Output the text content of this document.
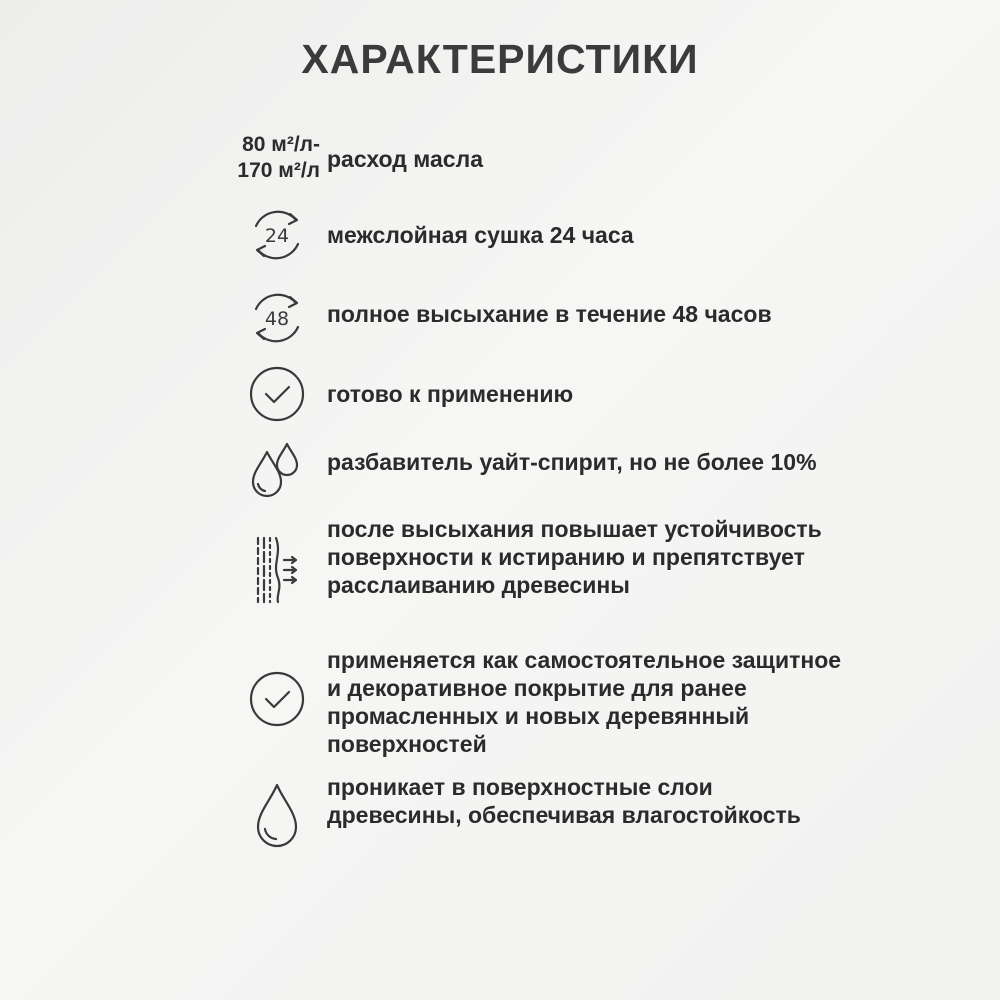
ХАРАКТЕРИСТИКИ
80 м²/л-
170 м²/л расход масла
24 межслойная сушка 24 часа
48 полное высыхание в течение 48 часов
готово к применению
разбавитель уайт-спирит, но не более 10%
после высыхания повышает устойчивость поверхности к истиранию и препятствует расслаиванию древесины
применяется как самостоятельное защитное и декоративное покрытие для ранее промасленных и новых деревянный поверхностей
проникает в поверхностные слои древесины, обеспечивая влагостойкость
